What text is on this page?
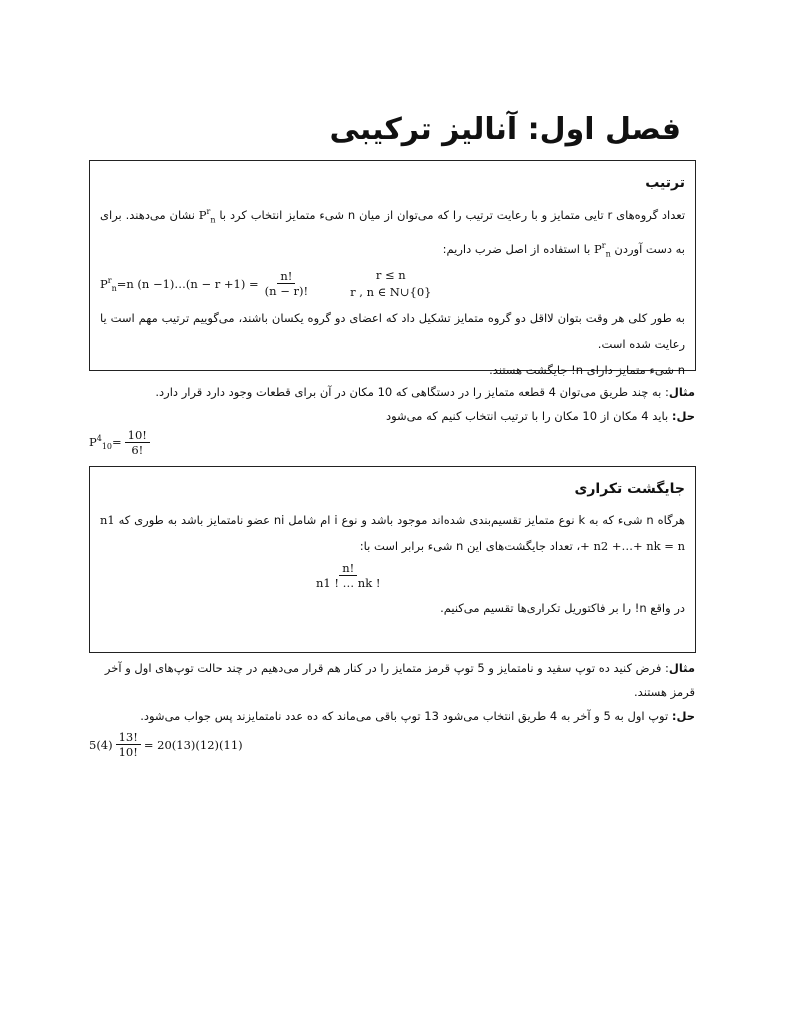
فصل اول: آنالیز ترکیبی
ترتیب
تعداد گروه‌های r تایی متمایز و با رعایت ترتیب را که می‌توان از میان n شیء متمایز انتخاب کرد با $P^r_n$ نشان می‌دهند. برای به دست آوردن $P^r_n$ با استفاده از اصل ضرب داریم:
$P^r_n =n$ (n −1)…(n − $r +1) = \frac{n!}{(n - r)!}$	r ≤ n
r , n ∈ N∪{0}
به طور کلی هر وقت بتوان لااقل دو گروه متمایز تشکیل داد که اعضای دو گروه یکسان باشند، می‌گوییم ترتیب مهم است یا رعایت شده است.
n شیء متمایز دارای n! جایگشت هستند.
مثال: به چند طریق می‌توان 4 قطعه متمایز را در دستگاهی که 10 مکان در آن برای قطعات وجود دارد قرار دارد.
حل: باید 4 مکان از 10 مکان را با ترتیب انتخاب کنیم که می‌شود
$P^4_{10}= \frac{10!}{6!}$
جایگشت تکراری
هرگاه n شیء که به k نوع متمایز تقسیم‌بندی شده‌اند موجود باشد و نوع i ام شامل ni عضو نامتمایز باشد به طوری که n1 + n2 +…+ nk = n، تعداد جایگشت‌های این n شیء برابر است با:
$\frac{n!}{n1 ! \dots nk !}$
در واقع n! را بر فاکتوریل تکراری‌ها تقسیم می‌کنیم.
مثال: فرض کنید ده توپ سفید و نامتمایز و 5 توپ قرمز متمایز را در کنار هم قرار می‌دهیم در چند حالت توپ‌های اول و آخر قرمز هستند.
حل: توپ اول به 5 و آخر به 4 طریق انتخاب می‌شود 13 توپ باقی می‌ماند که ده عدد نامتمایزند پس جواب می‌شود.
$5(4) \frac{13!}{10!} = 20(13)(12)(11)$
